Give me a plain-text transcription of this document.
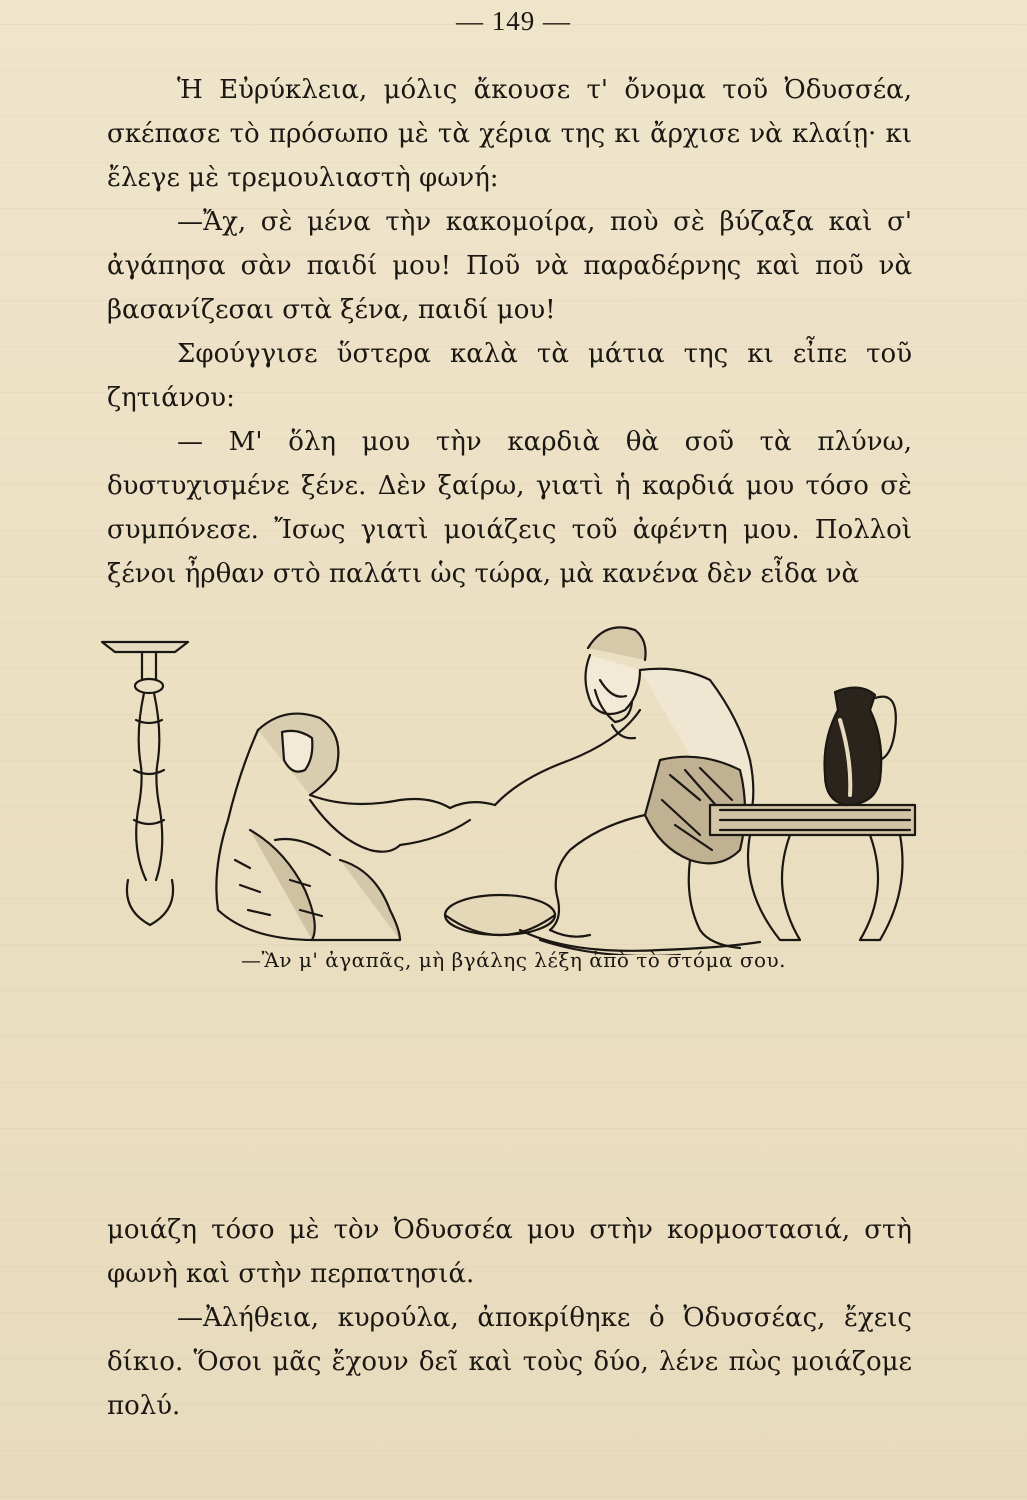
— 149 —

Ἡ Εὐρύκλεια, μόλις ἄκουσε τ' ὄνομα τοῦ Ὀδυσσέα, σκέπασε τὸ πρόσωπο μὲ τὰ χέρια της κι ἄρχισε νὰ κλαίῃ· κι ἔλεγε μὲ τρεμουλιαστὴ φωνή:

—Ἄχ, σὲ μένα τὴν κακομοίρα, ποὺ σὲ βύζαξα καὶ σ' ἀγάπησα σὰν παιδί μου! Ποῦ νὰ παραδέρνης καὶ ποῦ νὰ βασανίζεσαι στὰ ξένα, παιδί μου!

Σφούγγισε ὕστερα καλὰ τὰ μάτια της κι εἶπε τοῦ ζητιάνου:

— Μ' ὅλη μου τὴν καρδιὰ θὰ σοῦ τὰ πλύνω, δυστυχισμένε ξένε. Δὲν ξαίρω, γιατὶ ἡ καρδιά μου τόσο σὲ συμπόνεσε. Ἴσως γιατὶ μοιάζεις τοῦ ἀφέντη μου. Πολλοὶ ξένοι ἦρθαν στὸ παλάτι ὡς τώρα, μὰ κανένα δὲν εἶδα νὰ

—Ἂν μ' ἀγαπᾶς, μὴ βγάλης λέξη ἀπὸ τὸ στόμα σου.

μοιάζη τόσο μὲ τὸν Ὀδυσσέα μου στὴν κορμοστασιά, στὴ φωνὴ καὶ στὴν περπατησιά.

—Ἀλήθεια, κυρούλα, ἀποκρίθηκε ὁ Ὀδυσσέας, ἔχεις δίκιο. Ὅσοι μᾶς ἔχουν δεῖ καὶ τοὺς δύο, λένε πὼς μοιάζομε πολύ.
